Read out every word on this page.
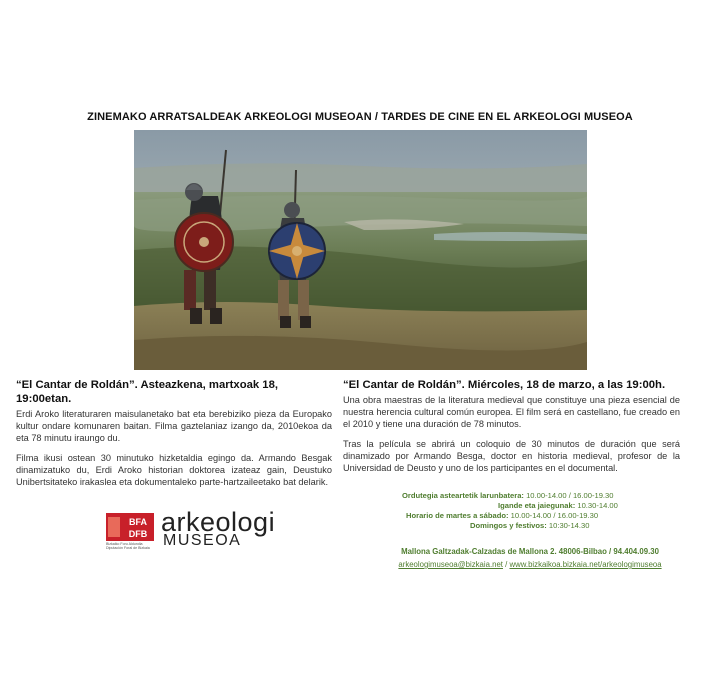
ZINEMAKO ARRATSALDEAK ARKEOLOGI MUSEOAN / TARDES DE CINE EN EL ARKEOLOGI MUSEOA
“El Cantar de Roldán”. Asteazkena, martxoak 18, 19:00etan.

Erdi Aroko literaturaren maisulanetako bat eta berebiziko pieza da Europako kultur ondare komunaren baitan. Filma gaztelaniaz izango da, 2010ekoa da eta 78 minutu iraungo du.

Filma ikusi ostean 30 minutuko hizketaldia egingo da. Armando Besgak dinamizatuko du, Erdi Aroko historian doktorea izateaz gain, Deustuko Unibertsitateko irakaslea eta dokumentaleko parte-hartzaileetako bat delarik.

“El Cantar de Roldán”. Miércoles, 18 de marzo, a las 19:00h.

Una obra maestras de la literatura medieval que constituye una pieza esencial de nuestra herencia cultural común europea. El film será en castellano, fue creado en el 2010 y tiene una duración de 78 minutos.

Tras la película se abrirá un coloquio de 30 minutos de duración que será dinamizado por Armando Besga, doctor en historia medieval, profesor de la Universidad de Deusto y uno de los participantes en el documental.

BFA
DFB
Bizkaiko Foru Aldundia
Diputación Foral de Bizkaia
arkeologi
MUSEOA
Ordutegia asteartetik larunbatera: 10.00-14.00 / 16.00-19.30
Igande eta jaiegunak: 10.30-14.00
Horario de martes a sábado: 10.00-14.00 / 16.00-19.30
Domingos y festivos: 10:30-14.30
Mallona Galtzadak-Calzadas de Mallona 2. 48006-Bilbao / 94.404.09.30
arkeologimuseoa@bizkaia.net / www.bizkaikoa.bizkaia.net/arkeologimuseoa
